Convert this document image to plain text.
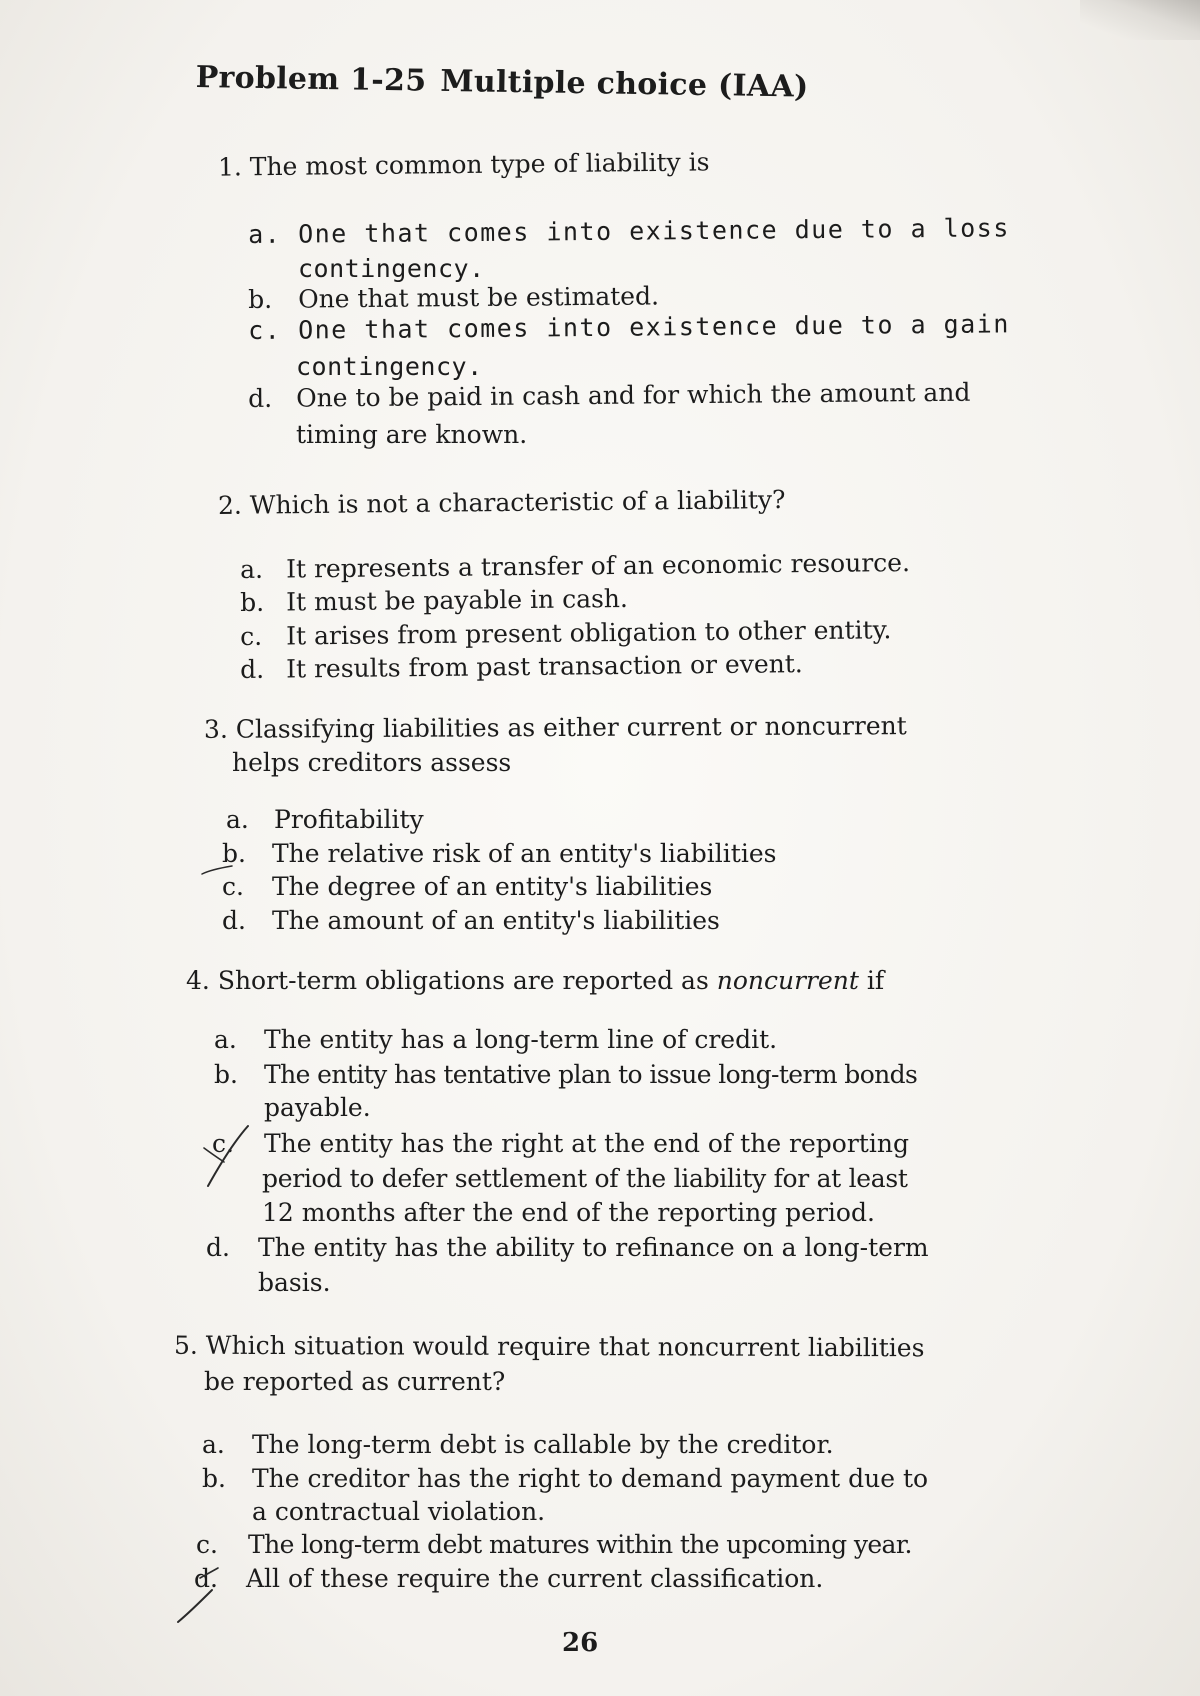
Problem 1-25 Multiple choice (IAA)
1. The most common type of liability is
a. One that comes into existence due to a loss
contingency.
b. One that must be estimated.
c. One that comes into existence due to a gain
contingency.
d. One to be paid in cash and for which the amount and
timing are known.
2. Which is not a characteristic of a liability?
a. It represents a transfer of an economic resource.
b. It must be payable in cash.
c. It arises from present obligation to other entity.
d. It results from past transaction or event.
3. Classifying liabilities as either current or noncurrent
helps creditors assess
a. Profitability
b. The relative risk of an entity's liabilities
c. The degree of an entity's liabilities
d. The amount of an entity's liabilities
4. Short-term obligations are reported as noncurrent if
a. The entity has a long-term line of credit.
b. The entity has tentative plan to issue long-term bonds
payable.
c. The entity has the right at the end of the reporting
period to defer settlement of the liability for at least
12 months after the end of the reporting period.
d. The entity has the ability to refinance on a long-term
basis.
5. Which situation would require that noncurrent liabilities
be reported as current?
a. The long-term debt is callable by the creditor.
b. The creditor has the right to demand payment due to
a contractual violation.
c. The long-term debt matures within the upcoming year.
d. All of these require the current classification.
26
